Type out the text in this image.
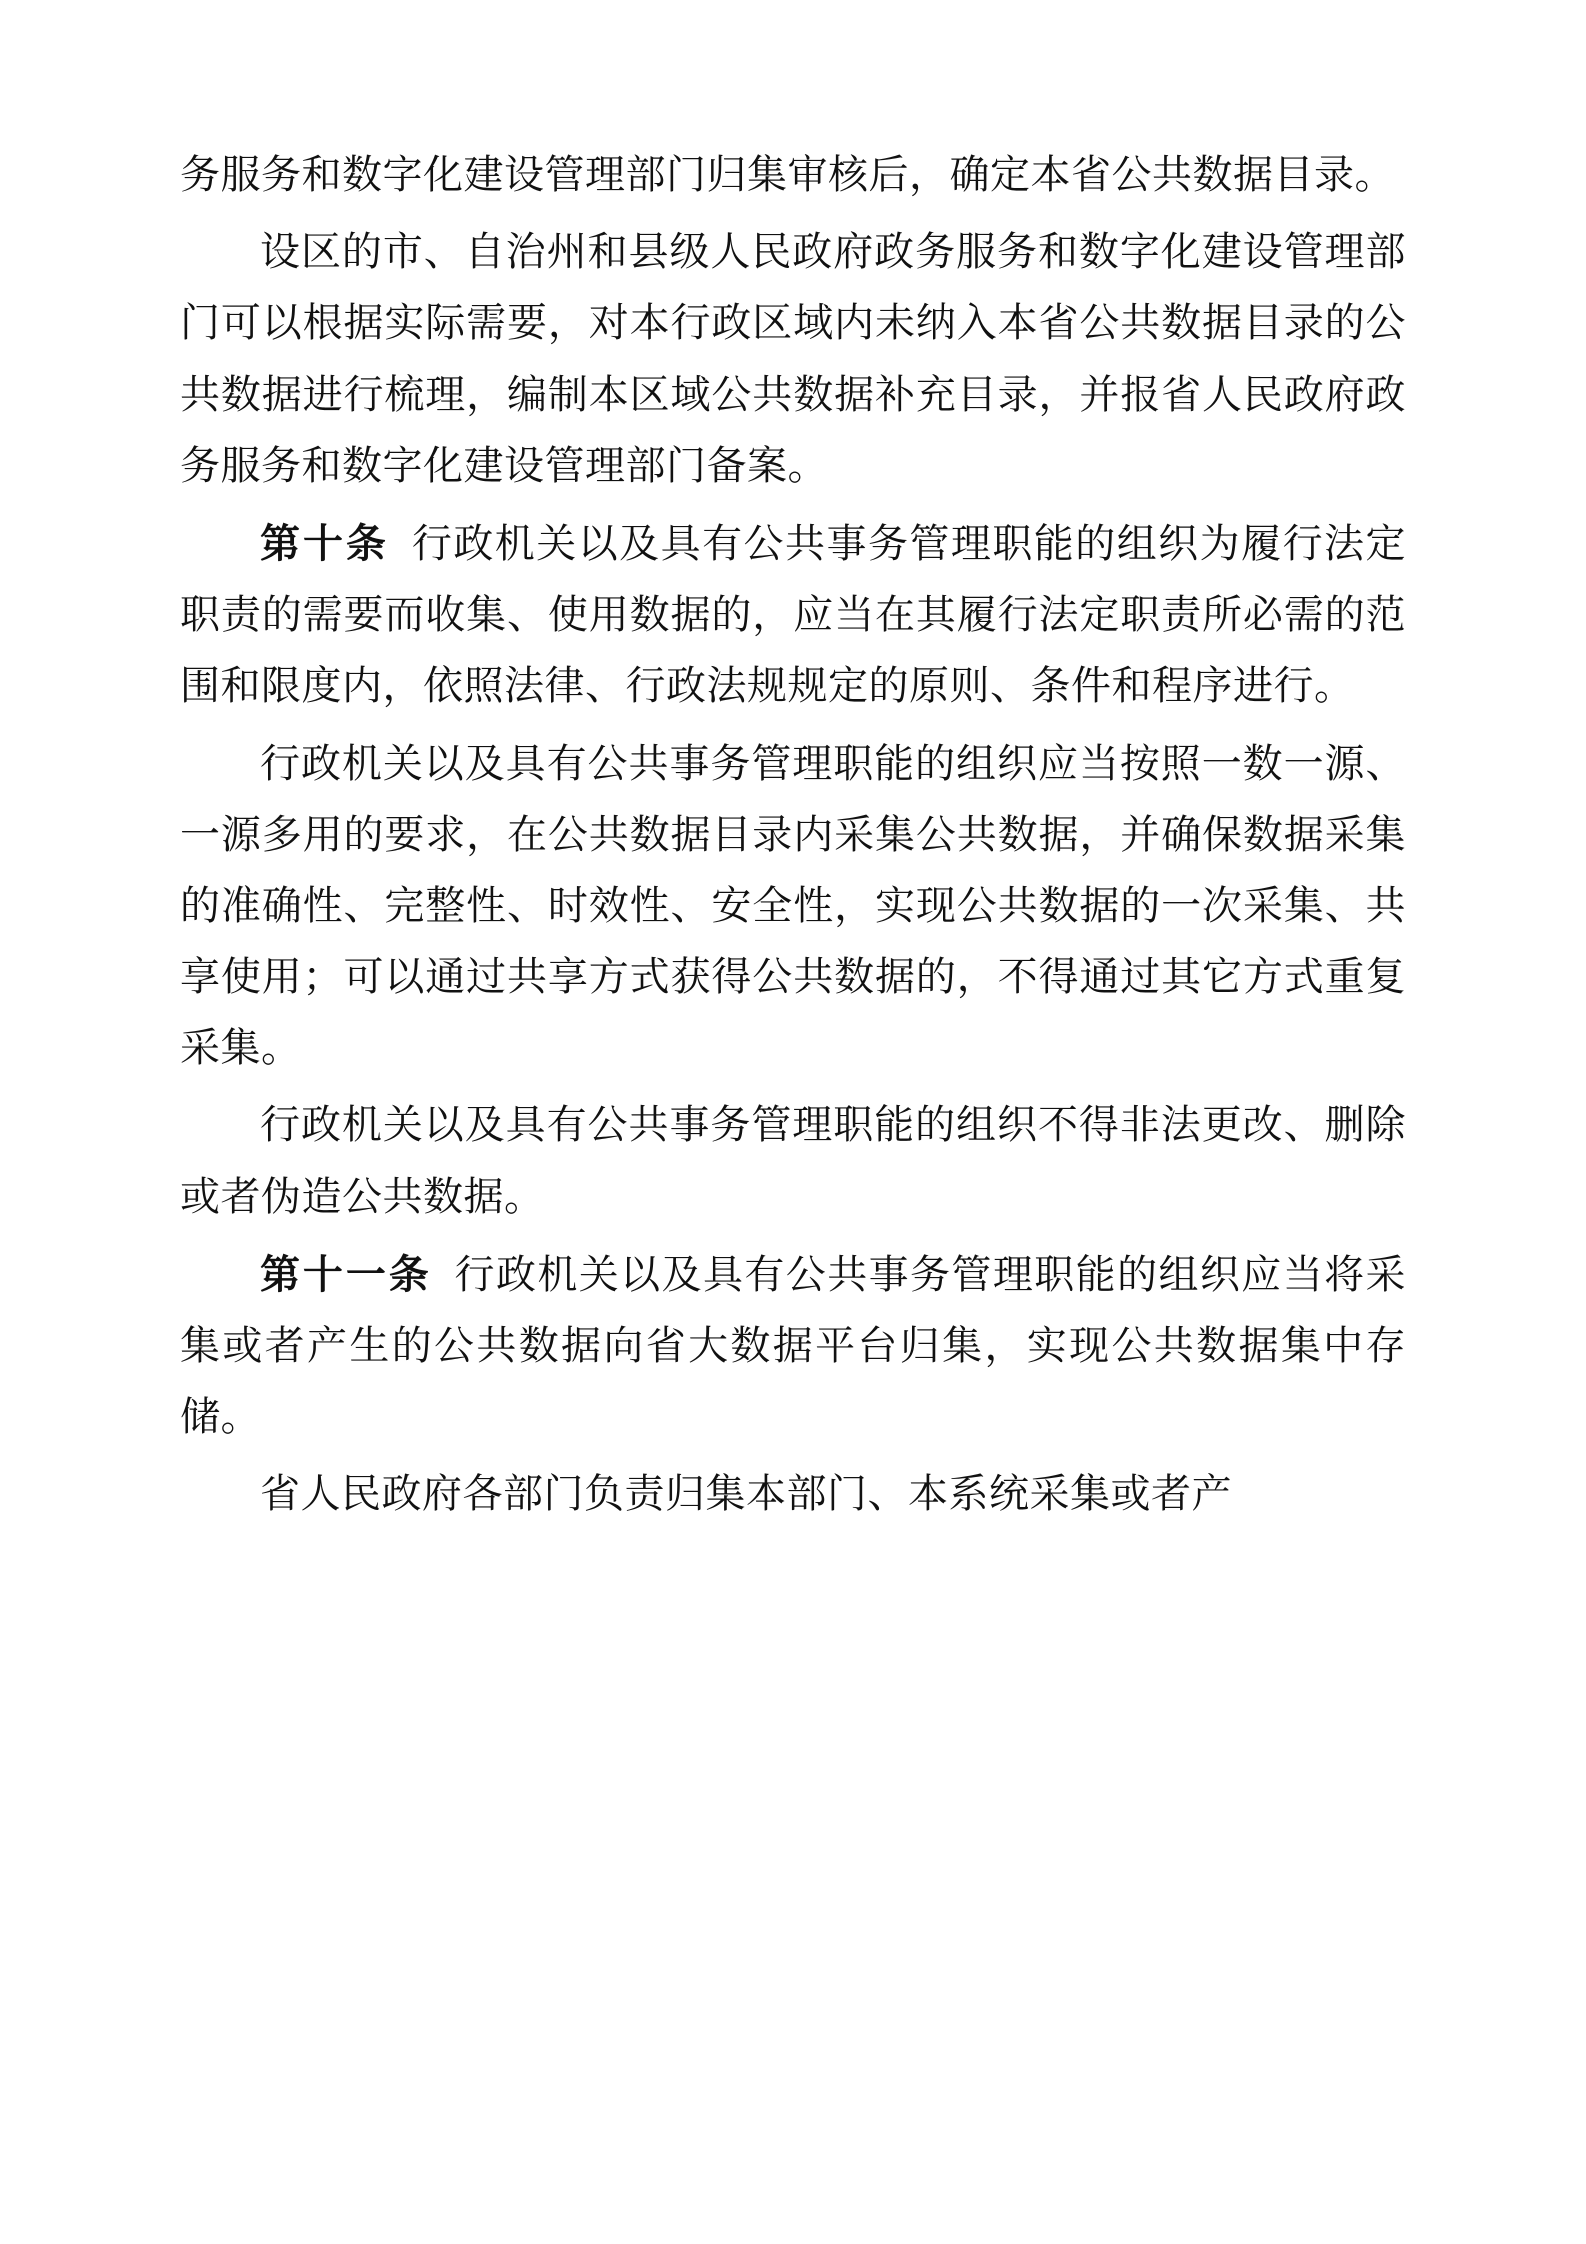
务服务和数字化建设管理部门归集审核后，确定本省公共数据目录。

设区的市、自治州和县级人民政府政务服务和数字化建设管理部门可以根据实际需要，对本行政区域内未纳入本省公共数据目录的公共数据进行梳理，编制本区域公共数据补充目录，并报省人民政府政务服务和数字化建设管理部门备案。

第十条 行政机关以及具有公共事务管理职能的组织为履行法定职责的需要而收集、使用数据的，应当在其履行法定职责所必需的范围和限度内，依照法律、行政法规规定的原则、条件和程序进行。

行政机关以及具有公共事务管理职能的组织应当按照一数一源、一源多用的要求，在公共数据目录内采集公共数据，并确保数据采集的准确性、完整性、时效性、安全性，实现公共数据的一次采集、共享使用；可以通过共享方式获得公共数据的，不得通过其它方式重复采集。

行政机关以及具有公共事务管理职能的组织不得非法更改、删除或者伪造公共数据。

第十一条 行政机关以及具有公共事务管理职能的组织应当将采集或者产生的公共数据向省大数据平台归集，实现公共数据集中存储。

省人民政府各部门负责归集本部门、本系统采集或者产
